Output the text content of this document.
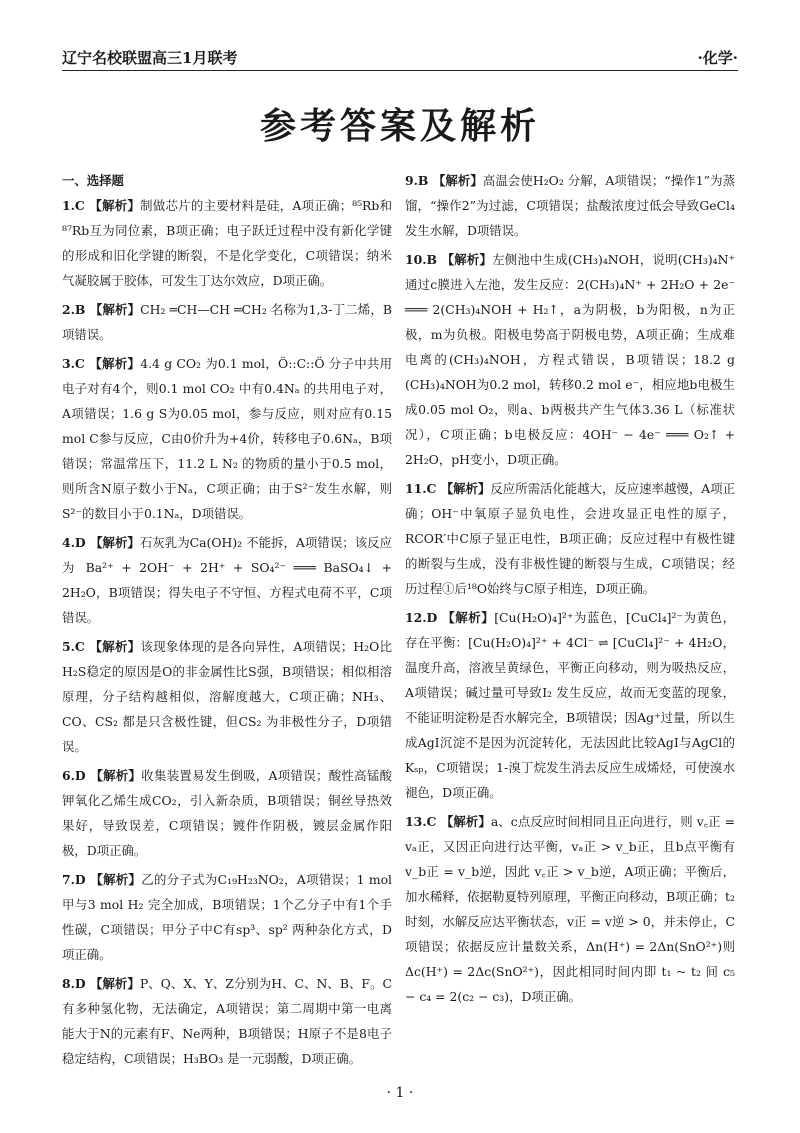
辽宁名校联盟高三1月联考	·化学·
参考答案及解析
一、选择题
1.C 【解析】制做芯片的主要材料是硅，A项正确；⁸⁵Rb和⁸⁷Rb互为同位素，B项正确；电子跃迁过程中没有新化学键的形成和旧化学键的断裂，不是化学变化，C项错误；纳米气凝胶属于胶体，可发生丁达尔效应，D项正确。
2.B 【解析】CH₂ ═CH—CH ═CH₂ 名称为1,3-丁二烯，B项错误。
3.C 【解析】4.4 g CO₂ 为0.1 mol，Ö::C::Ö 分子中共用电子对有4个，则0.1 mol CO₂ 中有0.4Nₐ 的共用电子对，A项错误；1.6 g S为0.05 mol，参与反应，则对应有0.15 mol C参与反应，C由0价升为+4价，转移电子0.6Nₐ，B项错误；常温常压下，11.2 L N₂ 的物质的量小于0.5 mol，则所含N原子数小于Nₐ，C项正确；由于S²⁻发生水解，则S²⁻的数目小于0.1Nₐ，D项错误。
4.D 【解析】石灰乳为Ca(OH)₂ 不能拆，A项错误；该反应为 Ba²⁺ + 2OH⁻ + 2H⁺ + SO₄²⁻ ═══ BaSO₄↓ + 2H₂O，B项错误；得失电子不守恒、方程式电荷不平，C项错误。
5.C 【解析】该现象体现的是各向异性，A项错误；H₂O比H₂S稳定的原因是O的非金属性比S强，B项错误；相似相溶原理，分子结构越相似，溶解度越大，C项正确；NH₃、CO、CS₂ 都是只含极性键，但CS₂ 为非极性分子，D项错误。
6.D 【解析】收集装置易发生倒吸，A项错误；酸性高锰酸钾氧化乙烯生成CO₂，引入新杂质，B项错误；铜丝导热效果好，导致误差，C项错误；镀件作阴极，镀层金属作阳极，D项正确。
7.D 【解析】乙的分子式为C₁₉H₂₃NO₂，A项错误；1 mol甲与3 mol H₂ 完全加成，B项错误；1个乙分子中有1个手性碳，C项错误；甲分子中C有sp³、sp² 两种杂化方式，D项正确。
8.D 【解析】P、Q、X、Y、Z分别为H、C、N、B、F。C有多种氢化物，无法确定，A项错误；第二周期中第一电离能大于N的元素有F、Ne两种，B项错误；H原子不是8电子稳定结构，C项错误；H₃BO₃ 是一元弱酸，D项正确。
9.B 【解析】高温会使H₂O₂ 分解，A项错误；“操作1”为蒸馏，“操作2”为过滤，C项错误；盐酸浓度过低会导致GeCl₄ 发生水解，D项错误。
10.B 【解析】左侧池中生成(CH₃)₄NOH，说明(CH₃)₄N⁺通过c膜进入左池，发生反应：2(CH₃)₄N⁺ + 2H₂O + 2e⁻ ═══ 2(CH₃)₄NOH + H₂↑，a为阴极，b为阳极，n为正极，m为负极。阳极电势高于阴极电势，A项正确；生成难电离的(CH₃)₄NOH，方程式错误，B项错误；18.2 g (CH₃)₄NOH为0.2 mol，转移0.2 mol e⁻，相应地b电极生成0.05 mol O₂，则a、b两极共产生气体3.36 L（标准状况），C项正确；b电极反应：4OH⁻ − 4e⁻ ═══ O₂↑ + 2H₂O，pH变小，D项正确。
11.C 【解析】反应所需活化能越大，反应速率越慢，A项正确；OH⁻中氧原子显负电性，会进攻显正电性的原子，RCOR′中C原子显正电性，B项正确；反应过程中有极性键的断裂与生成，没有非极性键的断裂与生成，C项错误；经历过程①后¹⁸O始终与C原子相连，D项正确。
12.D 【解析】[Cu(H₂O)₄]²⁺为蓝色，[CuCl₄]²⁻为黄色，存在平衡：[Cu(H₂O)₄]²⁺ + 4Cl⁻ ⇌ [CuCl₄]²⁻ + 4H₂O，温度升高，溶液呈黄绿色，平衡正向移动，则为吸热反应，A项错误；碱过量可导致I₂ 发生反应，故而无变蓝的现象，不能证明淀粉是否水解完全，B项错误；因Ag⁺过量，所以生成AgI沉淀不是因为沉淀转化，无法因此比较AgI与AgCl的Kₛₚ，C项错误；1-溴丁烷发生消去反应生成烯烃，可使溴水褪色，D项正确。
13.C 【解析】a、c点反应时间相同且正向进行，则 v꜀正 = vₐ正，又因正向进行达平衡，vₐ正 > v_b正，且b点平衡有 v_b正 = v_b逆，因此 v꜀正 > v_b逆，A项正确；平衡后，加水稀释，依据勒夏特列原理，平衡正向移动，B项正确；t₂ 时刻，水解反应达平衡状态，v正 = v逆 > 0，并未停止，C项错误；依据反应计量数关系，Δn(H⁺) = 2Δn(SnO²⁺)则 Δc(H⁺) = 2Δc(SnO²⁺)，因此相同时间内即 t₁ ~ t₂ 间 c₅ − c₄ = 2(c₂ − c₃)，D项正确。
· 1 ·
